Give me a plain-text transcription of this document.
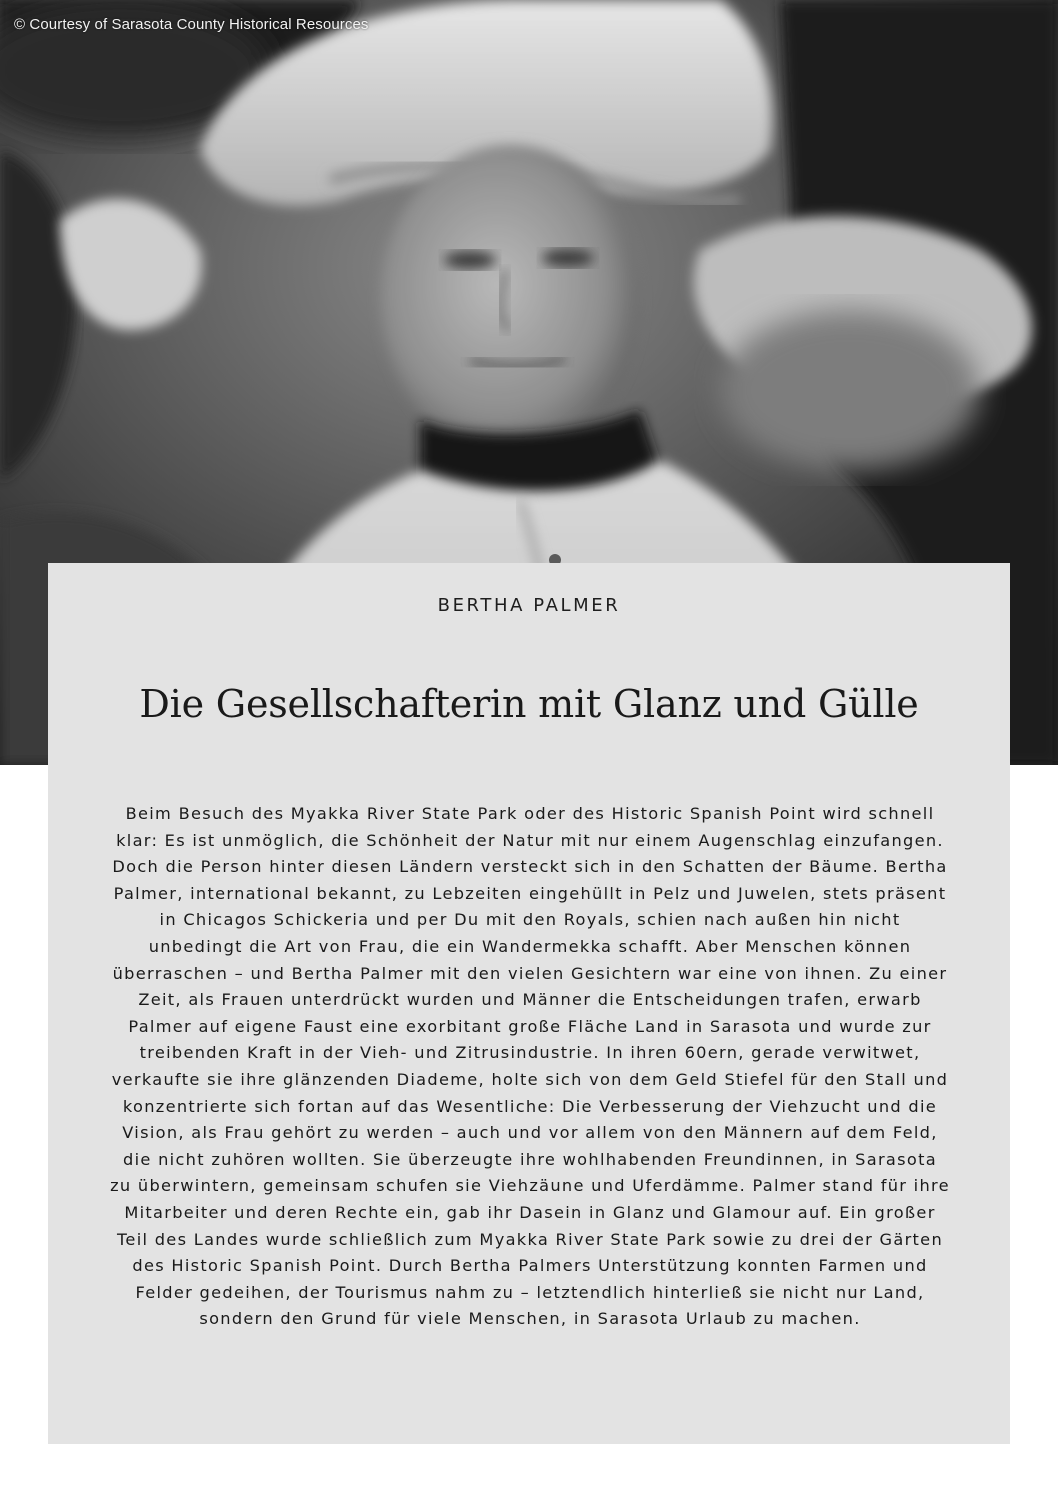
© Courtesy of Sarasota County Historical Resources
BERTHA PALMER
Die Gesellschafterin mit Glanz und Gülle

Beim Besuch des Myakka River State Park oder des Historic Spanish Point wird schnell klar: Es ist unmöglich, die Schönheit der Natur mit nur einem Augenschlag einzufangen. Doch die Person hinter diesen Ländern versteckt sich in den Schatten der Bäume. Bertha Palmer, international bekannt, zu Lebzeiten eingehüllt in Pelz und Juwelen, stets präsent in Chicagos Schickeria und per Du mit den Royals, schien nach außen hin nicht unbedingt die Art von Frau, die ein Wandermekka schafft. Aber Menschen können überraschen – und Bertha Palmer mit den vielen Gesichtern war eine von ihnen. Zu einer Zeit, als Frauen unterdrückt wurden und Männer die Entscheidungen trafen, erwarb Palmer auf eigene Faust eine exorbitant große Fläche Land in Sarasota und wurde zur treibenden Kraft in der Vieh- und Zitrusindustrie. In ihren 60ern, gerade verwitwet, verkaufte sie ihre glänzenden Diademe, holte sich von dem Geld Stiefel für den Stall und konzentrierte sich fortan auf das Wesentliche: Die Verbesserung der Viehzucht und die Vision, als Frau gehört zu werden – auch und vor allem von den Männern auf dem Feld, die nicht zuhören wollten. Sie überzeugte ihre wohlhabenden Freundinnen, in Sarasota zu überwintern, gemeinsam schufen sie Viehzäune und Uferdämme. Palmer stand für ihre Mitarbeiter und deren Rechte ein, gab ihr Dasein in Glanz und Glamour auf. Ein großer Teil des Landes wurde schließlich zum Myakka River State Park sowie zu drei der Gärten des Historic Spanish Point. Durch Bertha Palmers Unterstützung konnten Farmen und Felder gedeihen, der Tourismus nahm zu – letztendlich hinterließ sie nicht nur Land, sondern den Grund für viele Menschen, in Sarasota Urlaub zu machen.
